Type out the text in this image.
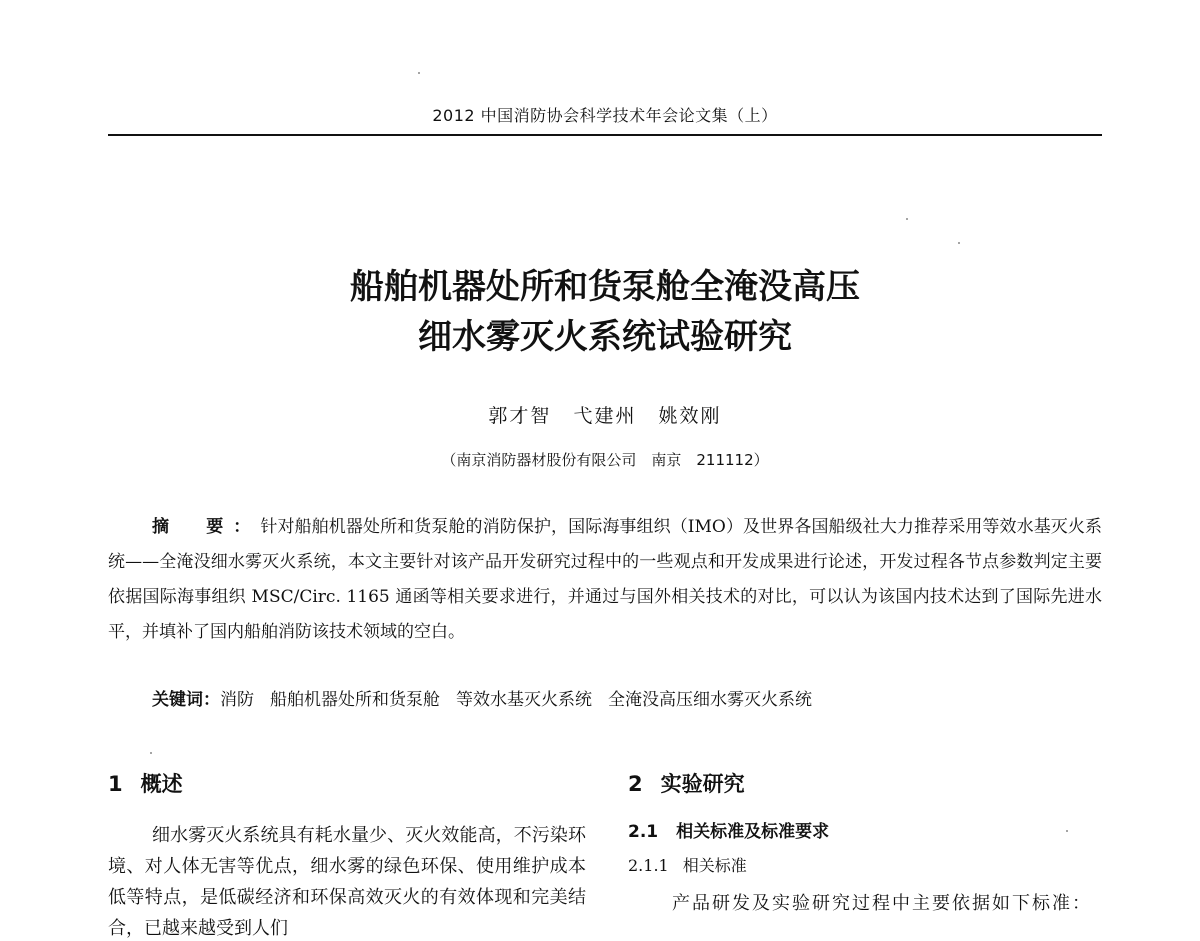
2012 中国消防协会科学技术年会论文集（上）
船舶机器处所和货泵舱全淹没高压
细水雾灭火系统试验研究
郭才智 弋建州 姚效刚
（南京消防器材股份有限公司　南京　211112）
摘　要：针对船舶机器处所和货泵舱的消防保护，国际海事组织（IMO）及世界各国船级社大力推荐采用等效水基灭火系统——全淹没细水雾灭火系统，本文主要针对该产品开发研究过程中的一些观点和开发成果进行论述，开发过程各节点参数判定主要依据国际海事组织 MSC/Circ. 1165 通函等相关要求进行，并通过与国外相关技术的对比，可以认为该国内技术达到了国际先进水平，并填补了国内船舶消防该技术领域的空白。
关键词：消防 船舶机器处所和货泵舱 等效水基灭火系统 全淹没高压细水雾灭火系统
1 概述

细水雾灭火系统具有耗水量少、灭火效能高，不污染环境、对人体无害等优点，细水雾的绿色环保、使用维护成本低等特点，是低碳经济和环保高效灭火的有效体现和完美结合，已越来越受到人们

2 实验研究
2.1 相关标准及标准要求
2.1.1 相关标准

产品研发及实验研究过程中主要依据如下标准：
